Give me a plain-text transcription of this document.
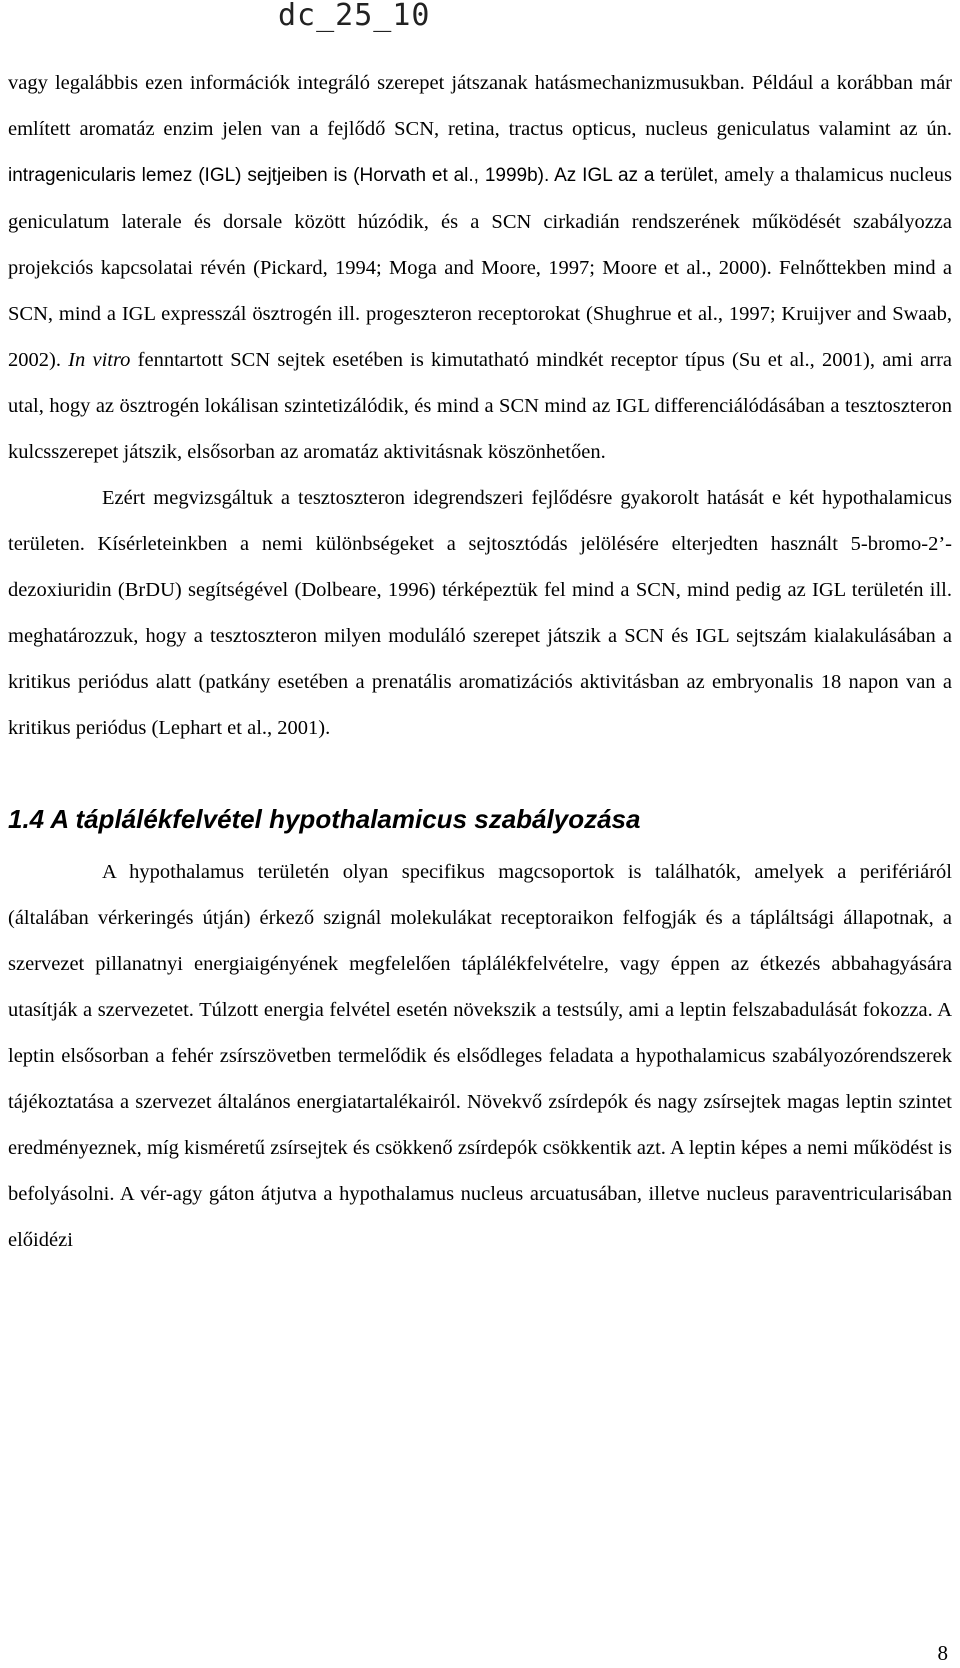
dc_25_10

vagy legalábbis ezen információk integráló szerepet játszanak hatásmechanizmusukban. Például a korábban már említett aromatáz enzim jelen van a fejlődő SCN, retina, tractus opticus, nucleus geniculatus valamint az ún. intragenicularis lemez (IGL) sejtjeiben is (Horvath et al., 1999b). Az IGL az a terület, amely a thalamicus nucleus geniculatum laterale és dorsale között húzódik, és a SCN cirkadián rendszerének működését szabályozza projekciós kapcsolatai révén (Pickard, 1994; Moga and Moore, 1997; Moore et al., 2000). Felnőttekben mind a SCN, mind a IGL expresszál ösztrogén ill. progeszteron receptorokat (Shughrue et al., 1997; Kruijver and Swaab, 2002). In vitro fenntartott SCN sejtek esetében is kimutatható mindkét receptor típus (Su et al., 2001), ami arra utal, hogy az ösztrogén lokálisan szintetizálódik, és mind a SCN mind az IGL differenciálódásában a tesztoszteron kulcsszerepet játszik, elsősorban az aromatáz aktivitásnak köszönhetően.

Ezért megvizsgáltuk a tesztoszteron idegrendszeri fejlődésre gyakorolt hatását e két hypothalamicus területen. Kísérleteinkben a nemi különbségeket a sejtosztódás jelölésére elterjedten használt 5-bromo-2’-dezoxiuridin (BrDU) segítségével (Dolbeare, 1996) térképeztük fel mind a SCN, mind pedig az IGL területén ill. meghatározzuk, hogy a tesztoszteron milyen moduláló szerepet játszik a SCN és IGL sejtszám kialakulásában a kritikus periódus alatt (patkány esetében a prenatális aromatizációs aktivitásban az embryonalis 18 napon van a kritikus periódus (Lephart et al., 2001).

1.4 A táplálékfelvétel hypothalamicus szabályozása

A hypothalamus területén olyan specifikus magcsoportok is találhatók, amelyek a perifériáról (általában vérkeringés útján) érkező szignál molekulákat receptoraikon felfogják és a tápláltsági állapotnak, a szervezet pillanatnyi energiaigényének megfelelően táplálékfelvételre, vagy éppen az étkezés abbahagyására utasítják a szervezetet. Túlzott energia felvétel esetén növekszik a testsúly, ami a leptin felszabadulását fokozza. A leptin elsősorban a fehér zsírszövetben termelődik és elsődleges feladata a hypothalamicus szabályozórendszerek tájékoztatása a szervezet általános energiatartalékairól. Növekvő zsírdepók és nagy zsírsejtek magas leptin szintet eredményeznek, míg kisméretű zsírsejtek és csökkenő zsírdepók csökkentik azt. A leptin képes a nemi működést is befolyásolni. A vér-agy gáton átjutva a hypothalamus nucleus arcuatusában, illetve nucleus paraventricularisában előidézi

8
